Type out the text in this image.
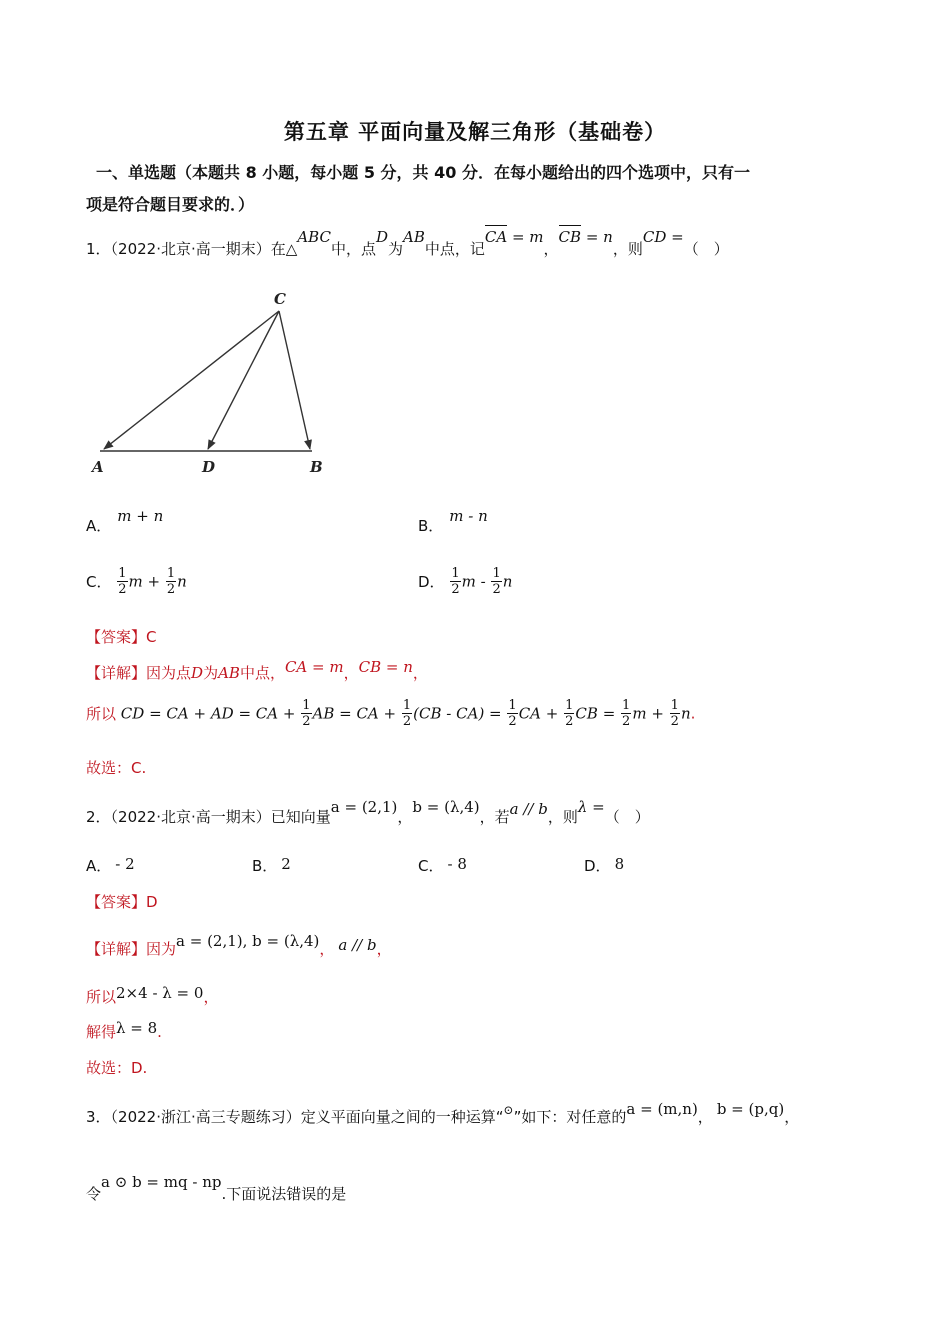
第五章 平面向量及解三角形（基础卷）
一、单选题（本题共 8 小题，每小题 5 分，共 40 分．在每小题给出的四个选项中，只有一
项是符合题目要求的．）
1．（2022·北京·高一期末）在△ABC中，点D为AB中点，记CA = m，CB = n，则CD =（　）
C
A	D	B
A．m + n
B．m - n
C． $\frac{1}{2}$ $m + \frac{1}{2}$ n	D． $\frac{1}{2}$ m - $\frac{1}{2}$ n
【答案】C
【详解】因为点D为AB中点，CA = m，CB = n，
所以 CD = CA + AD = CA + $\frac{1}{2}$ AB = CA + $\frac{1}{2} (CB - CA) = \frac{1}{2}$ CA + $\frac{1}{2}$ CB = $\frac{1}{2}$ $m + \frac{1}{2} n$.
故选：C.
2．（2022·北京·高一期末）已知向量a = (2,1)，b = (λ,4)，若a // b，则λ =（　）
A． - 2	B． 2	C． - 8	D． 8
【答案】D
【详解】因为a = (2,1), b = (λ,4)， a // b，
所以2×4 - λ = 0，
解得λ = 8.
故选：D.
3．（2022·浙江·高三专题练习）定义平面向量之间的一种运算“⊙”如下：对任意的a = (m,n)， b = (p,q)，
令a ⊙ b = mq - np.下面说法错误的是
